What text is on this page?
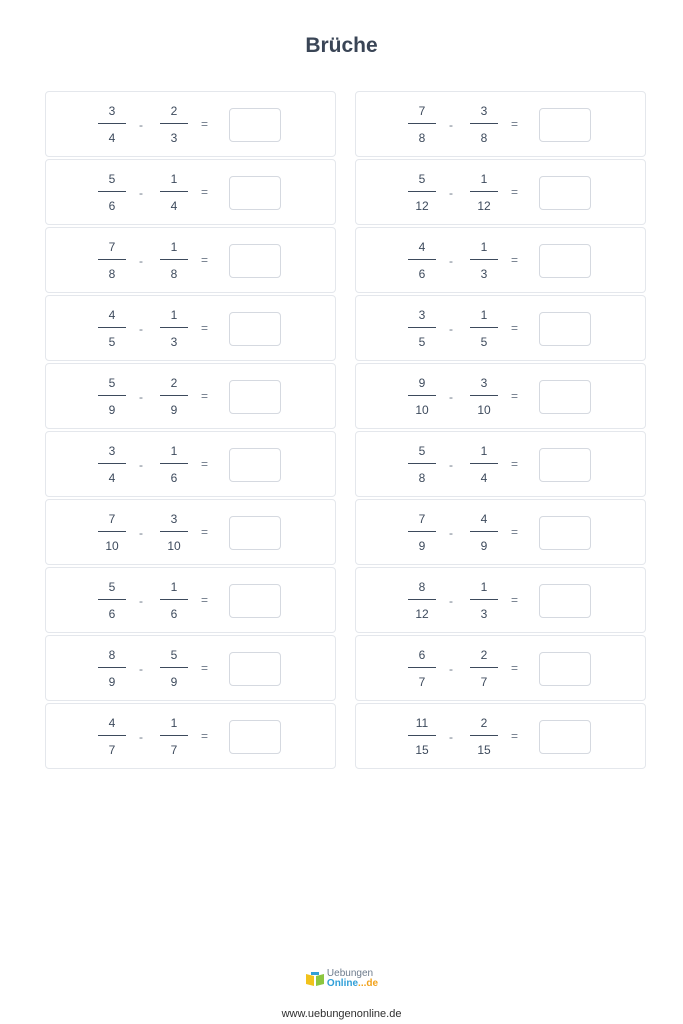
Brüche
3
4
-
2
3
=
7
8
-
3
8
=
5
6
-
1
4
=
5
12
-
1
12
=
7
8
-
1
8
=
4
6
-
1
3
=
4
5
-
1
3
=
3
5
-
1
5
=
5
9
-
2
9
=
9
10
-
3
10
=
3
4
-
1
6
=
5
8
-
1
4
=
7
10
-
3
10
=
7
9
-
4
9
=
5
6
-
1
6
=
8
12
-
1
3
=
8
9
-
5
9
=
6
7
-
2
7
=
4
7
-
1
7
=
11
15
-
2
15
=
Uebungen
Online...de
www.uebungenonline.de
